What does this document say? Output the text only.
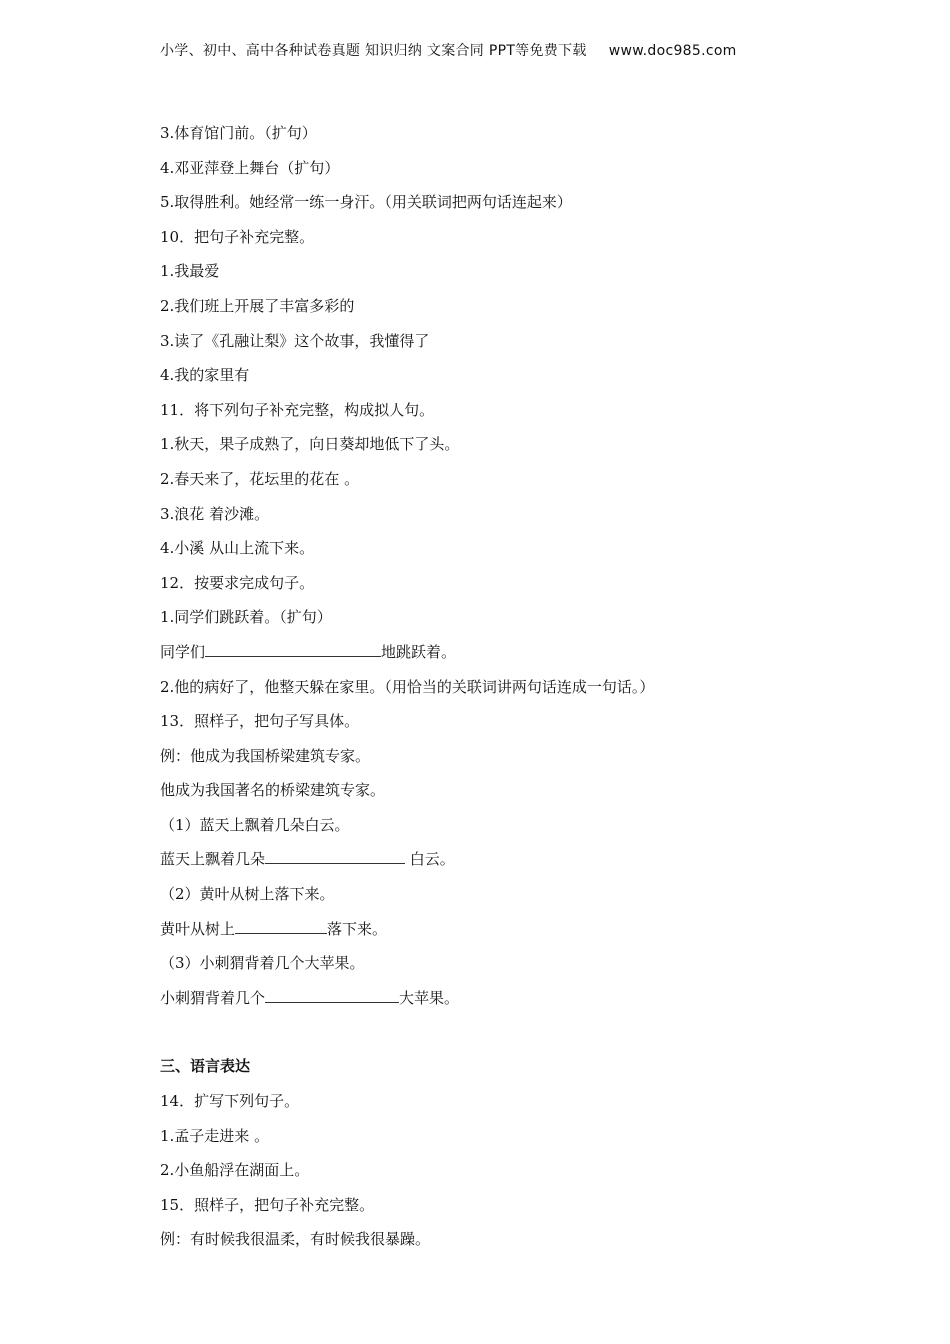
小学、初中、高中各种试卷真题 知识归纳 文案合同 PPT等免费下载 www.doc985.com
3.体育馆门前。（扩句）
4.邓亚萍登上舞台（扩句）
5.取得胜利。她经常一练一身汗。（用关联词把两句话连起来）
10．把句子补充完整。
1.我最爱
2.我们班上开展了丰富多彩的
3.读了《孔融让梨》这个故事，我懂得了
4.我的家里有
11．将下列句子补充完整，构成拟人句。
1.秋天，果子成熟了，向日葵却地低下了头。
2.春天来了，花坛里的花在 。
3.浪花 着沙滩。
4.小溪 从山上流下来。
12．按要求完成句子。
1.同学们跳跃着。（扩句）
同学们	地跳跃着。
2.他的病好了，他整天躲在家里。（用恰当的关联词讲两句话连成一句话。）
13．照样子，把句子写具体。
例：他成为我国桥梁建筑专家。
他成为我国著名的桥梁建筑专家。
（1）蓝天上飘着几朵白云。
蓝天上飘着几朵	白云。
（2）黄叶从树上落下来。
黄叶从树上	落下来。
（3）小刺猬背着几个大苹果。
小刺猬背着几个	大苹果。
三、语言表达
14．扩写下列句子。
1.孟子走进来 。
2.小鱼船浮在湖面上。
15．照样子，把句子补充完整。
例：有时候我很温柔，有时候我很暴躁。
